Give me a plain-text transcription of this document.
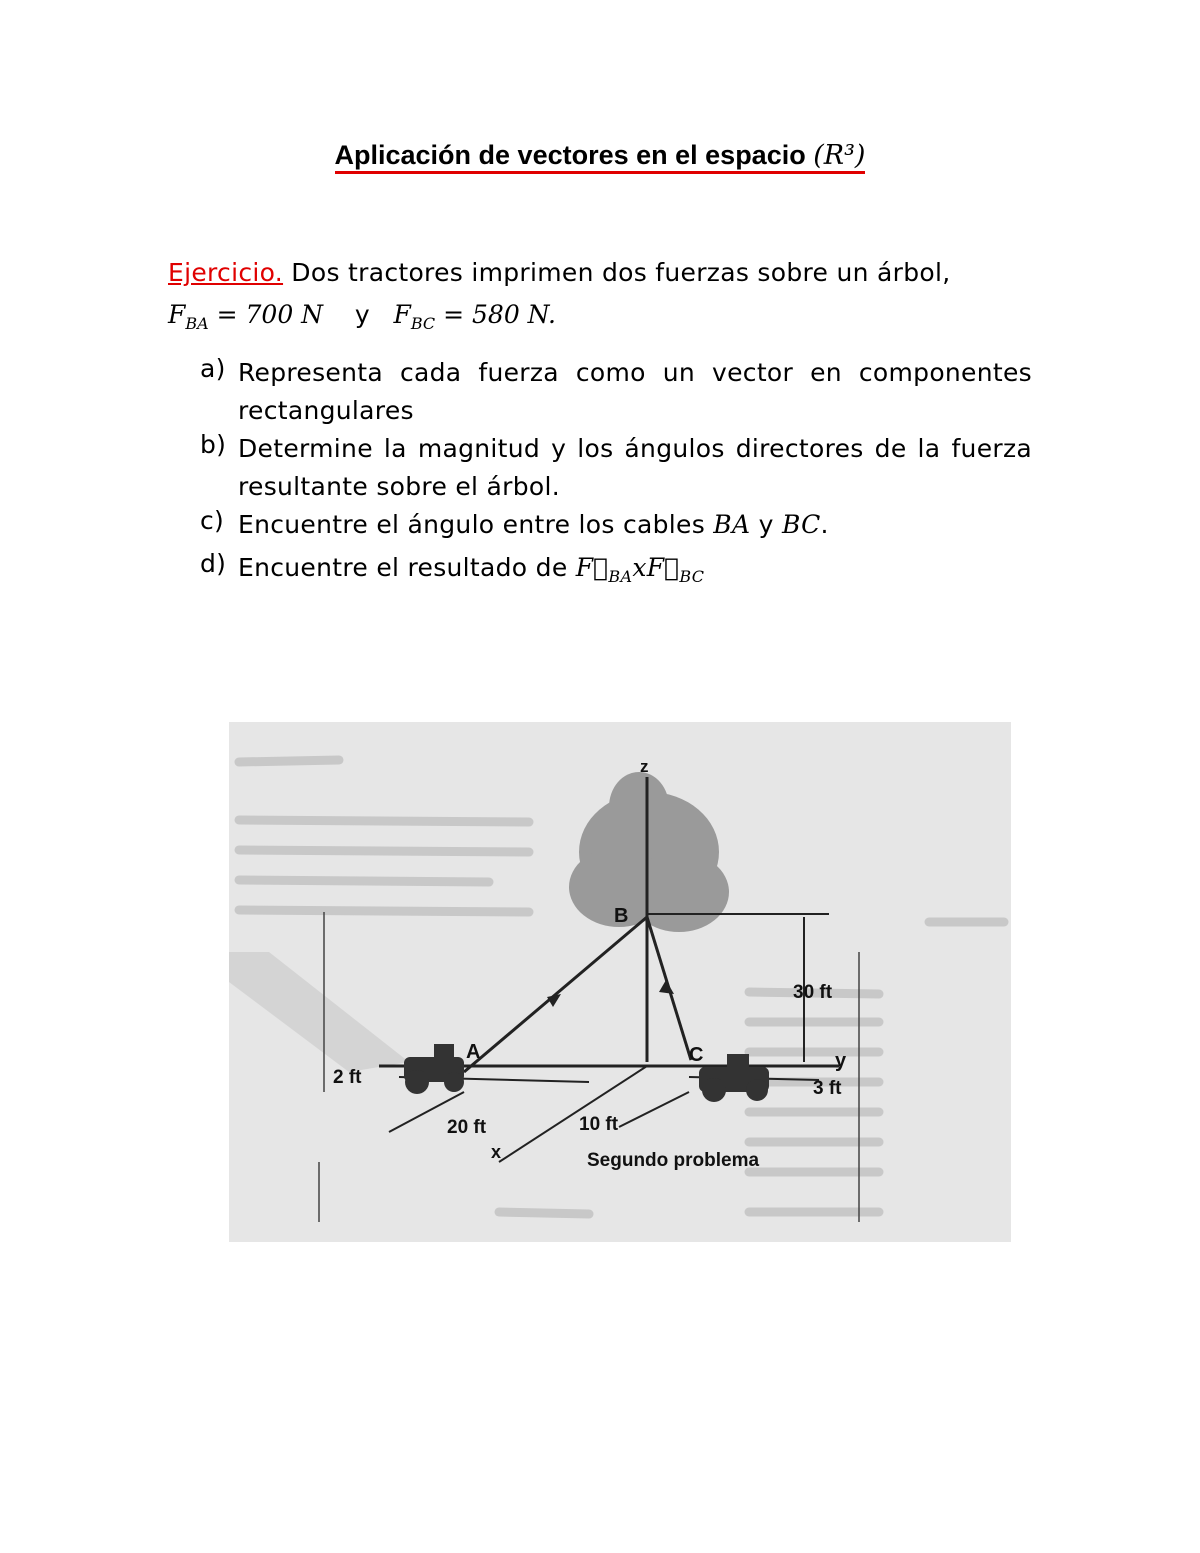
Aplicación de vectores en el espacio (R³)
Ejercicio. Dos tractores imprimen dos fuerzas sobre un árbol,
$F_{BA} = 700$ N y $F_{BC} = 580$ N.
a) Representa cada fuerza como un vector en componentes rectangulares
b) Determine la magnitud y los ángulos directores de la fuerza resultante sobre el árbol.
c) Encuentre el ángulo entre los cables BA y BC.
d) Encuentre el resultado de $F⃗_{BA}xF⃗_{BC}$
z
B
A	C	y
x
30 ft
3 ft
2 ft
20 ft	10 ft
Segundo problema
